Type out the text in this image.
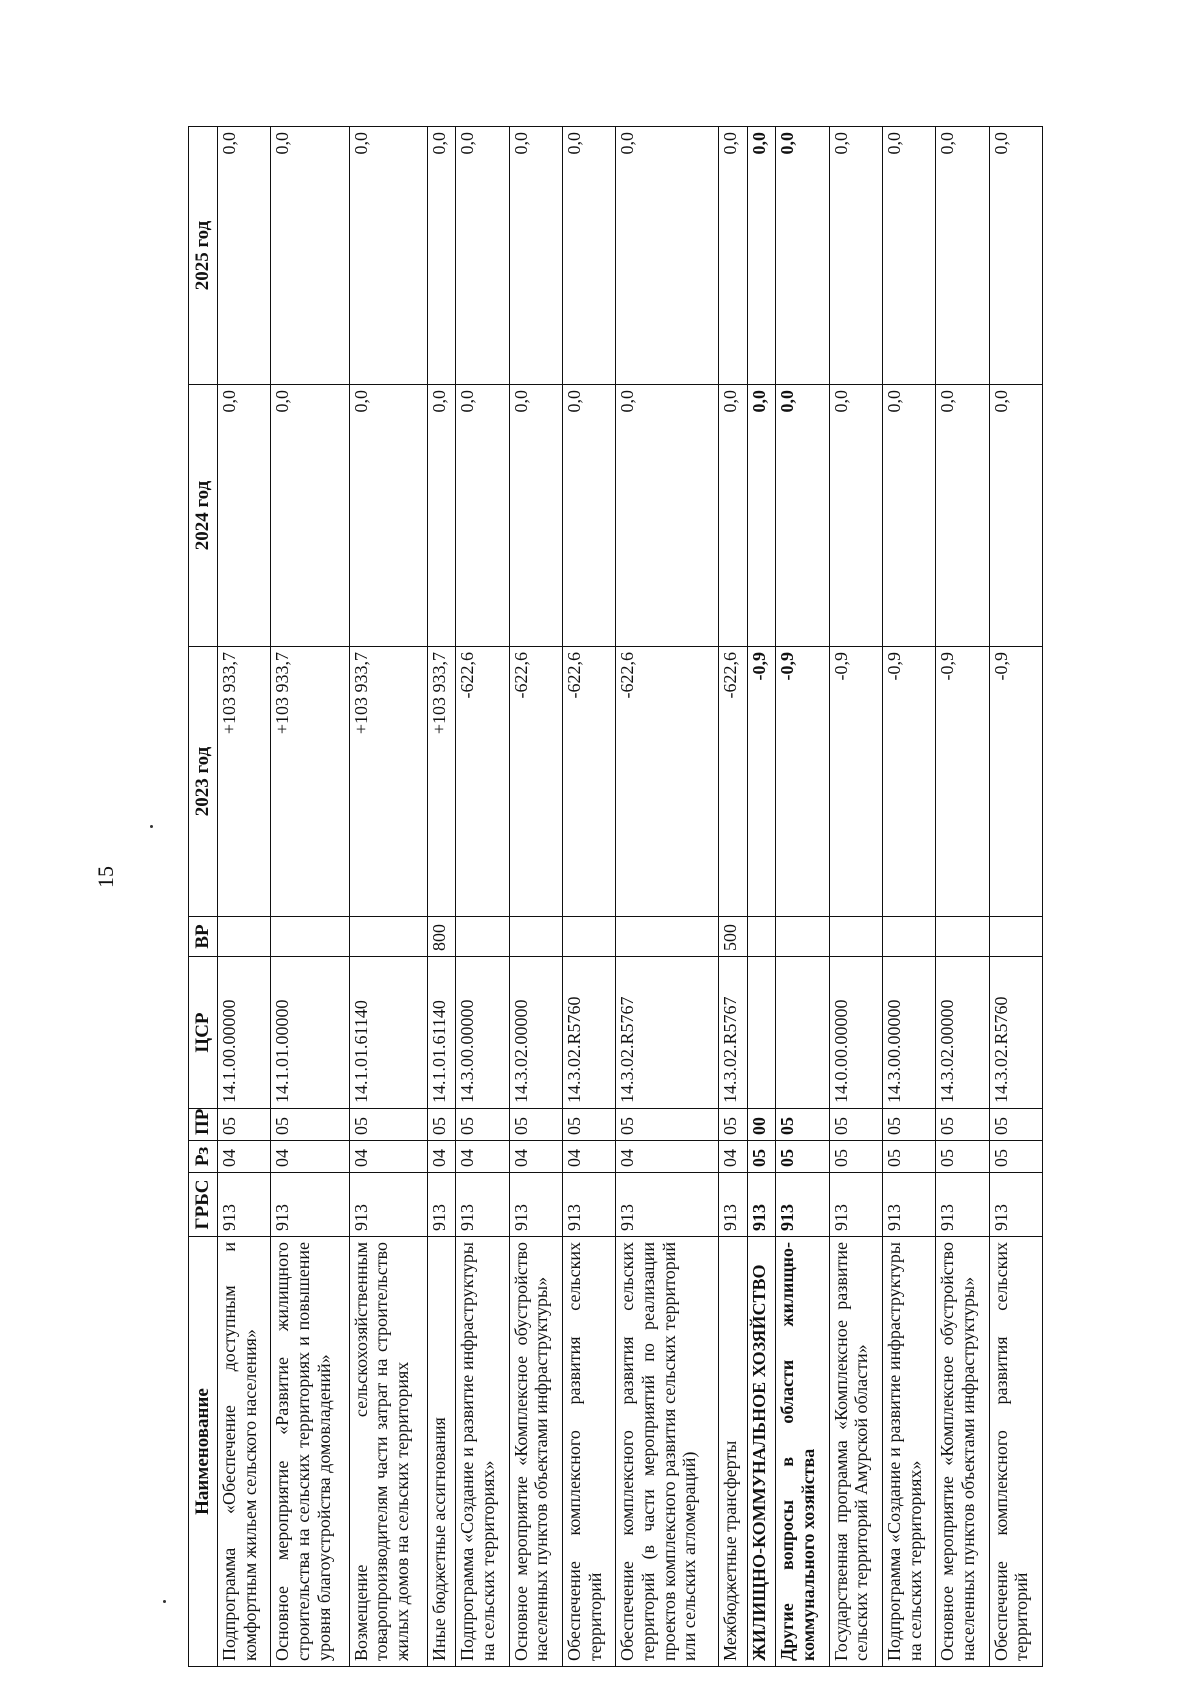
15
Наименование	ГРБС	Рз	ПР	ЦСР	ВР	2023 год	2024 год	2025 год
Подпрограмма «Обеспечение доступным и комфортным жильем сельского населения»	913	04	05	14.1.00.00000		+103 933,7	0,0	0,0
Основное мероприятие «Развитие жилищного строительства на сельских территориях и повышение уровня благоустройства домовладений»	913	04	05	14.1.01.00000		+103 933,7	0,0	0,0
Возмещение сельскохозяйственным товаропроизводителям части затрат на строительство жилых домов на сельских территориях	913	04	05	14.1.01.61140		+103 933,7	0,0	0,0
Иные бюджетные ассигнования	913	04	05	14.1.01.61140	800	+103 933,7	0,0	0,0
Подпрограмма «Создание и развитие инфраструктуры на сельских территориях»	913	04	05	14.3.00.00000		-622,6	0,0	0,0
Основное мероприятие «Комплексное обустройство населенных пунктов объектами инфраструктуры»	913	04	05	14.3.02.00000		-622,6	0,0	0,0
Обеспечение комплексного развития сельских территорий	913	04	05	14.3.02.R5760		-622,6	0,0	0,0
Обеспечение комплексного развития сельских территорий (в части мероприятий по реализации проектов комплексного развития сельских территорий или сельских агломераций)	913	04	05	14.3.02.R5767		-622,6	0,0	0,0
Межбюджетные трансферты	913	04	05	14.3.02.R5767	500	-622,6	0,0	0,0
ЖИЛИЩНО-КОММУНАЛЬНОЕ ХОЗЯЙСТВО	913	05	00			-0,9	0,0	0,0
Другие вопросы в области жилищно-коммунального хозяйства	913	05	05			-0,9	0,0	0,0
Государственная программа «Комплексное развитие сельских территорий Амурской области»	913	05	05	14.0.00.00000		-0,9	0,0	0,0
Подпрограмма «Создание и развитие инфраструктуры на сельских территориях»	913	05	05	14.3.00.00000		-0,9	0,0	0,0
Основное мероприятие «Комплексное обустройство населенных пунктов объектами инфраструктуры»	913	05	05	14.3.02.00000		-0,9	0,0	0,0
Обеспечение комплексного развития сельских территорий	913	05	05	14.3.02.R5760		-0,9	0,0	0,0
